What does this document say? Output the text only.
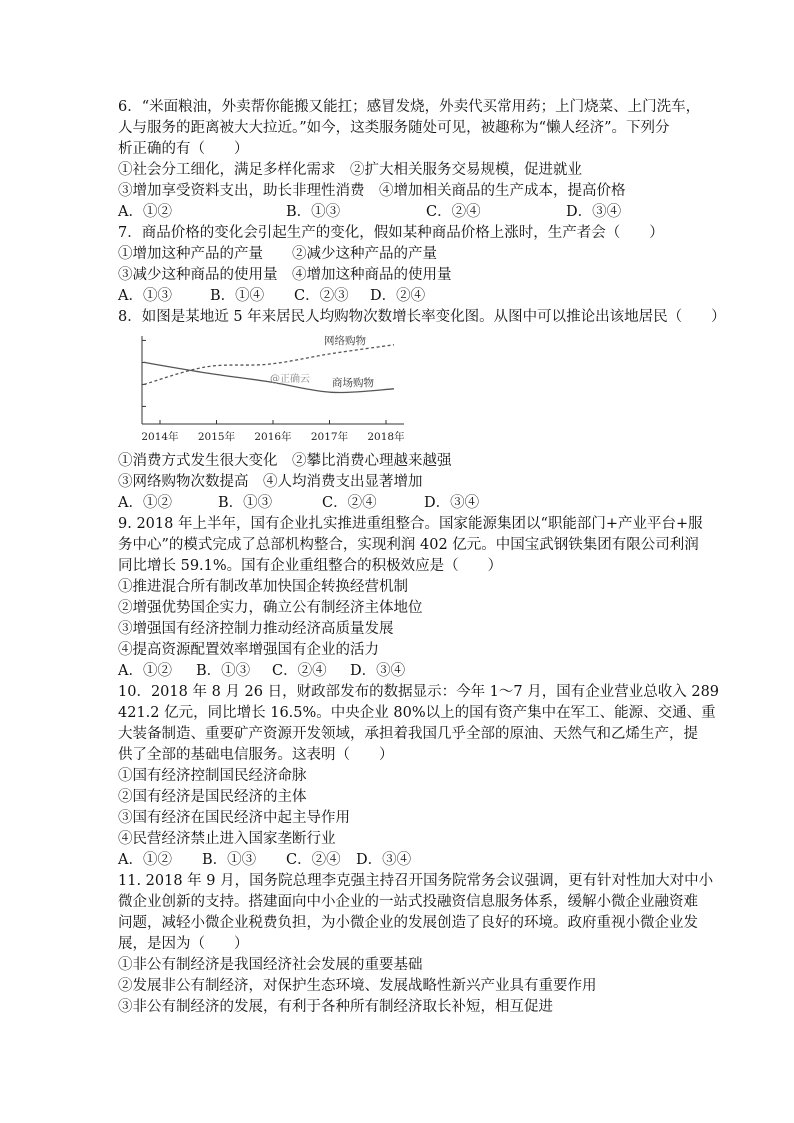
6．“米面粮油，外卖帮你能搬又能扛；感冒发烧，外卖代买常用药；上门烧菜、上门洗车，
人与服务的距离被大大拉近。”如今，这类服务随处可见，被趣称为“懒人经济”。下列分
析正确的有（　　）
①社会分工细化，满足多样化需求　②扩大相关服务交易规模，促进就业
③增加享受资料支出，助长非理性消费　④增加相关商品的生产成本，提高价格
A．①②	B．①③	C．②④	D．③④
7．商品价格的变化会引起生产的变化，假如某种商品价格上涨时，生产者会（　　）
①增加这种产品的产量　　②减少这种产品的产量
③减少这种商品的使用量　④增加这种商品的使用量
A．①③	B．①④ C．②③ D．②④
8．如图是某地近 5 年来居民人均购物次数增长率变化图。从图中可以推论出该地居民（　　）
网络购物
商场购物
2014年 2015年 2016年 2017年 2018年
@正确云
①消费方式发生很大变化　②攀比消费心理越来越强
③网络购物次数提高　④人均消费支出显著增加
A．①②	B．①③	C．②④	D．③④
9. 2018 年上半年，国有企业扎实推进重组整合。国家能源集团以“职能部门+产业平台+服
务中心”的模式完成了总部机构整合，实现利润 402 亿元。中国宝武钢铁集团有限公司利润
同比增长 59.1%。国有企业重组整合的积极效应是（　　）
①推进混合所有制改革加快国企转换经营机制
②增强优势国企实力，确立公有制经济主体地位
③增强国有经济控制力推动经济高质量发展
④提高资源配置效率增强国有企业的活力
A．①② B．①③ C．②④ D．③④
10．2018 年 8 月 26 日，财政部发布的数据显示：今年 1～7 月，国有企业营业总收入 289
421.2 亿元，同比增长 16.5%。中央企业 80%以上的国有资产集中在军工、能源、交通、重
大装备制造、重要矿产资源开发领域，承担着我国几乎全部的原油、天然气和乙烯生产，提
供了全部的基础电信服务。这表明（　　）
①国有经济控制国民经济命脉
②国有经济是国民经济的主体
③国有经济在国民经济中起主导作用
④民营经济禁止进入国家垄断行业
A．①② B．①③ C．②④ D．③④
11. 2018 年 9 月，国务院总理李克强主持召开国务院常务会议强调，更有针对性加大对中小
微企业创新的支持。搭建面向中小企业的一站式投融资信息服务体系，缓解小微企业融资难
问题，减轻小微企业税费负担，为小微企业的发展创造了良好的环境。政府重视小微企业发
展，是因为（　　）
①非公有制经济是我国经济社会发展的重要基础
②发展非公有制经济，对保护生态环境、发展战略性新兴产业具有重要作用
③非公有制经济的发展，有利于各种所有制经济取长补短，相互促进
